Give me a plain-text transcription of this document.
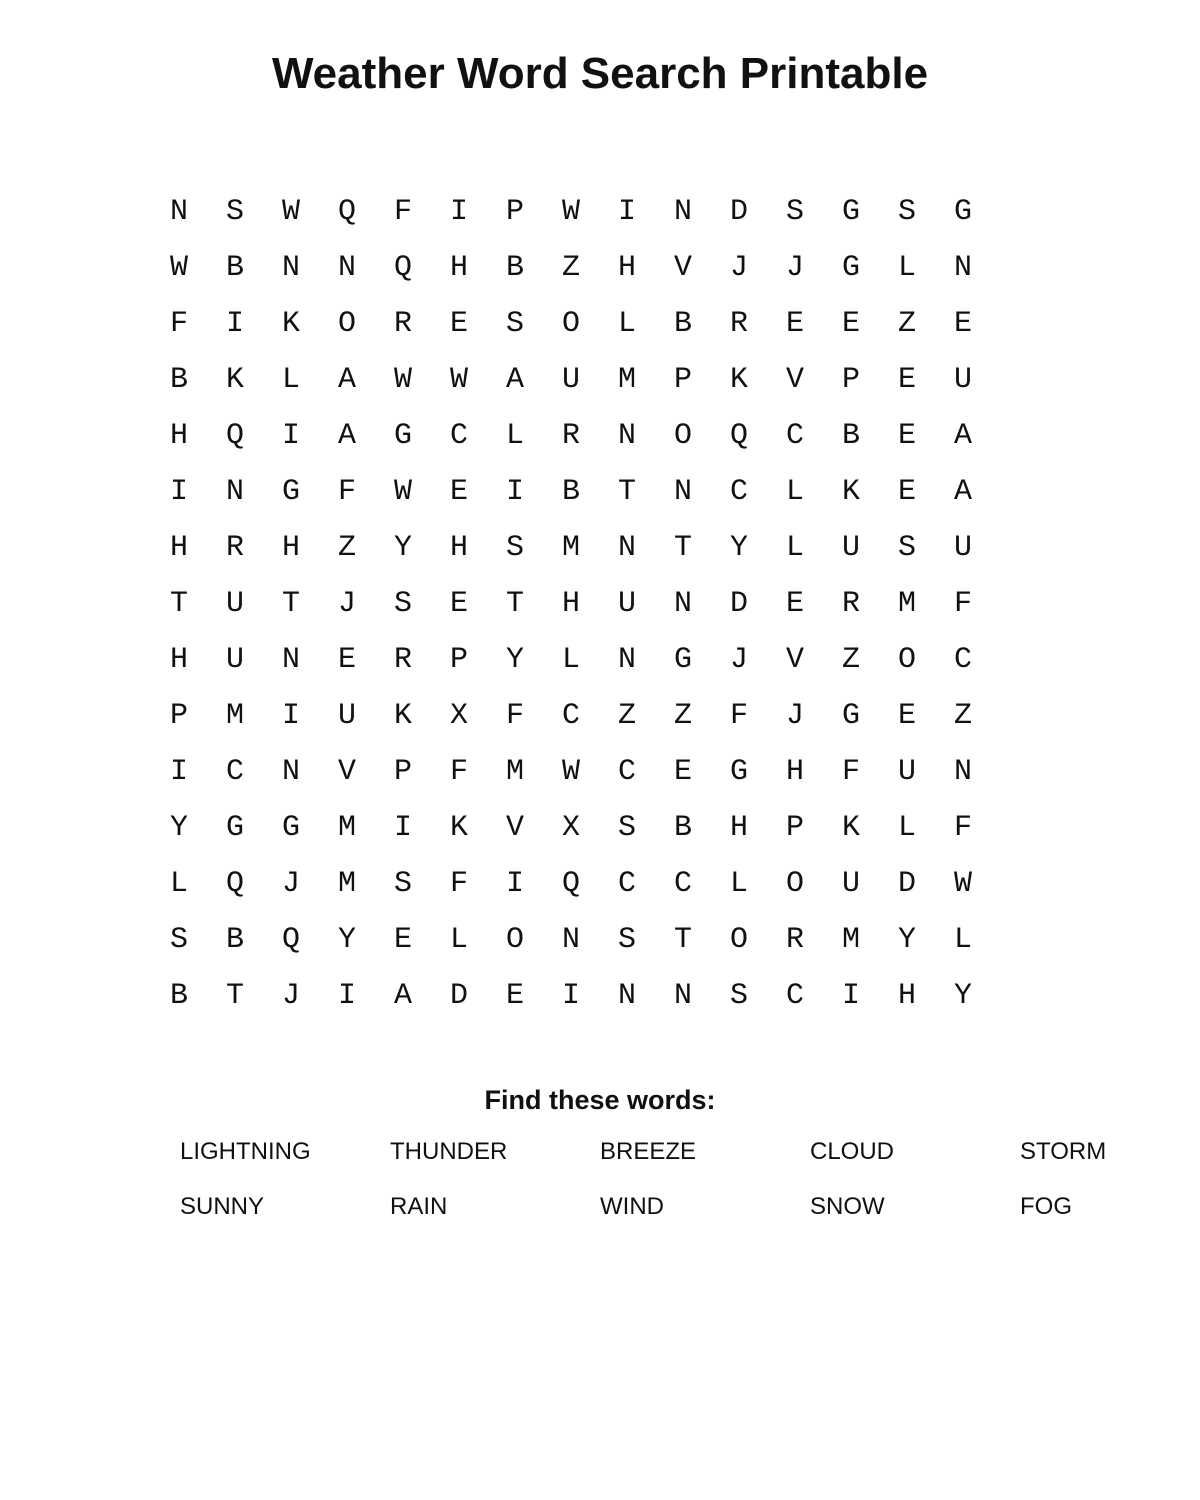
Weather Word Search Printable
N	S	W	Q	F	I	P	W	I	N	D	S	G	S	G
W	B	N	N	Q	H	B	Z	H	V	J	J	G	L	N
F	I	K	O	R	E	S	O	L	B	R	E	E	Z	E
B	K	L	A	W	W	A	U	M	P	K	V	P	E	U
H	Q	I	A	G	C	L	R	N	O	Q	C	B	E	A
I	N	G	F	W	E	I	B	T	N	C	L	K	E	A
H	R	H	Z	Y	H	S	M	N	T	Y	L	U	S	U
T	U	T	J	S	E	T	H	U	N	D	E	R	M	F
H	U	N	E	R	P	Y	L	N	G	J	V	Z	O	C
P	M	I	U	K	X	F	C	Z	Z	F	J	G	E	Z
I	C	N	V	P	F	M	W	C	E	G	H	F	U	N
Y	G	G	M	I	K	V	X	S	B	H	P	K	L	F
L	Q	J	M	S	F	I	Q	C	C	L	O	U	D	W
S	B	Q	Y	E	L	O	N	S	T	O	R	M	Y	L
B	T	J	I	A	D	E	I	N	N	S	C	I	H	Y
Find these words:
LIGHTNING	THUNDER	BREEZE	CLOUD	STORM
SUNNY	RAIN	WIND	SNOW	FOG
